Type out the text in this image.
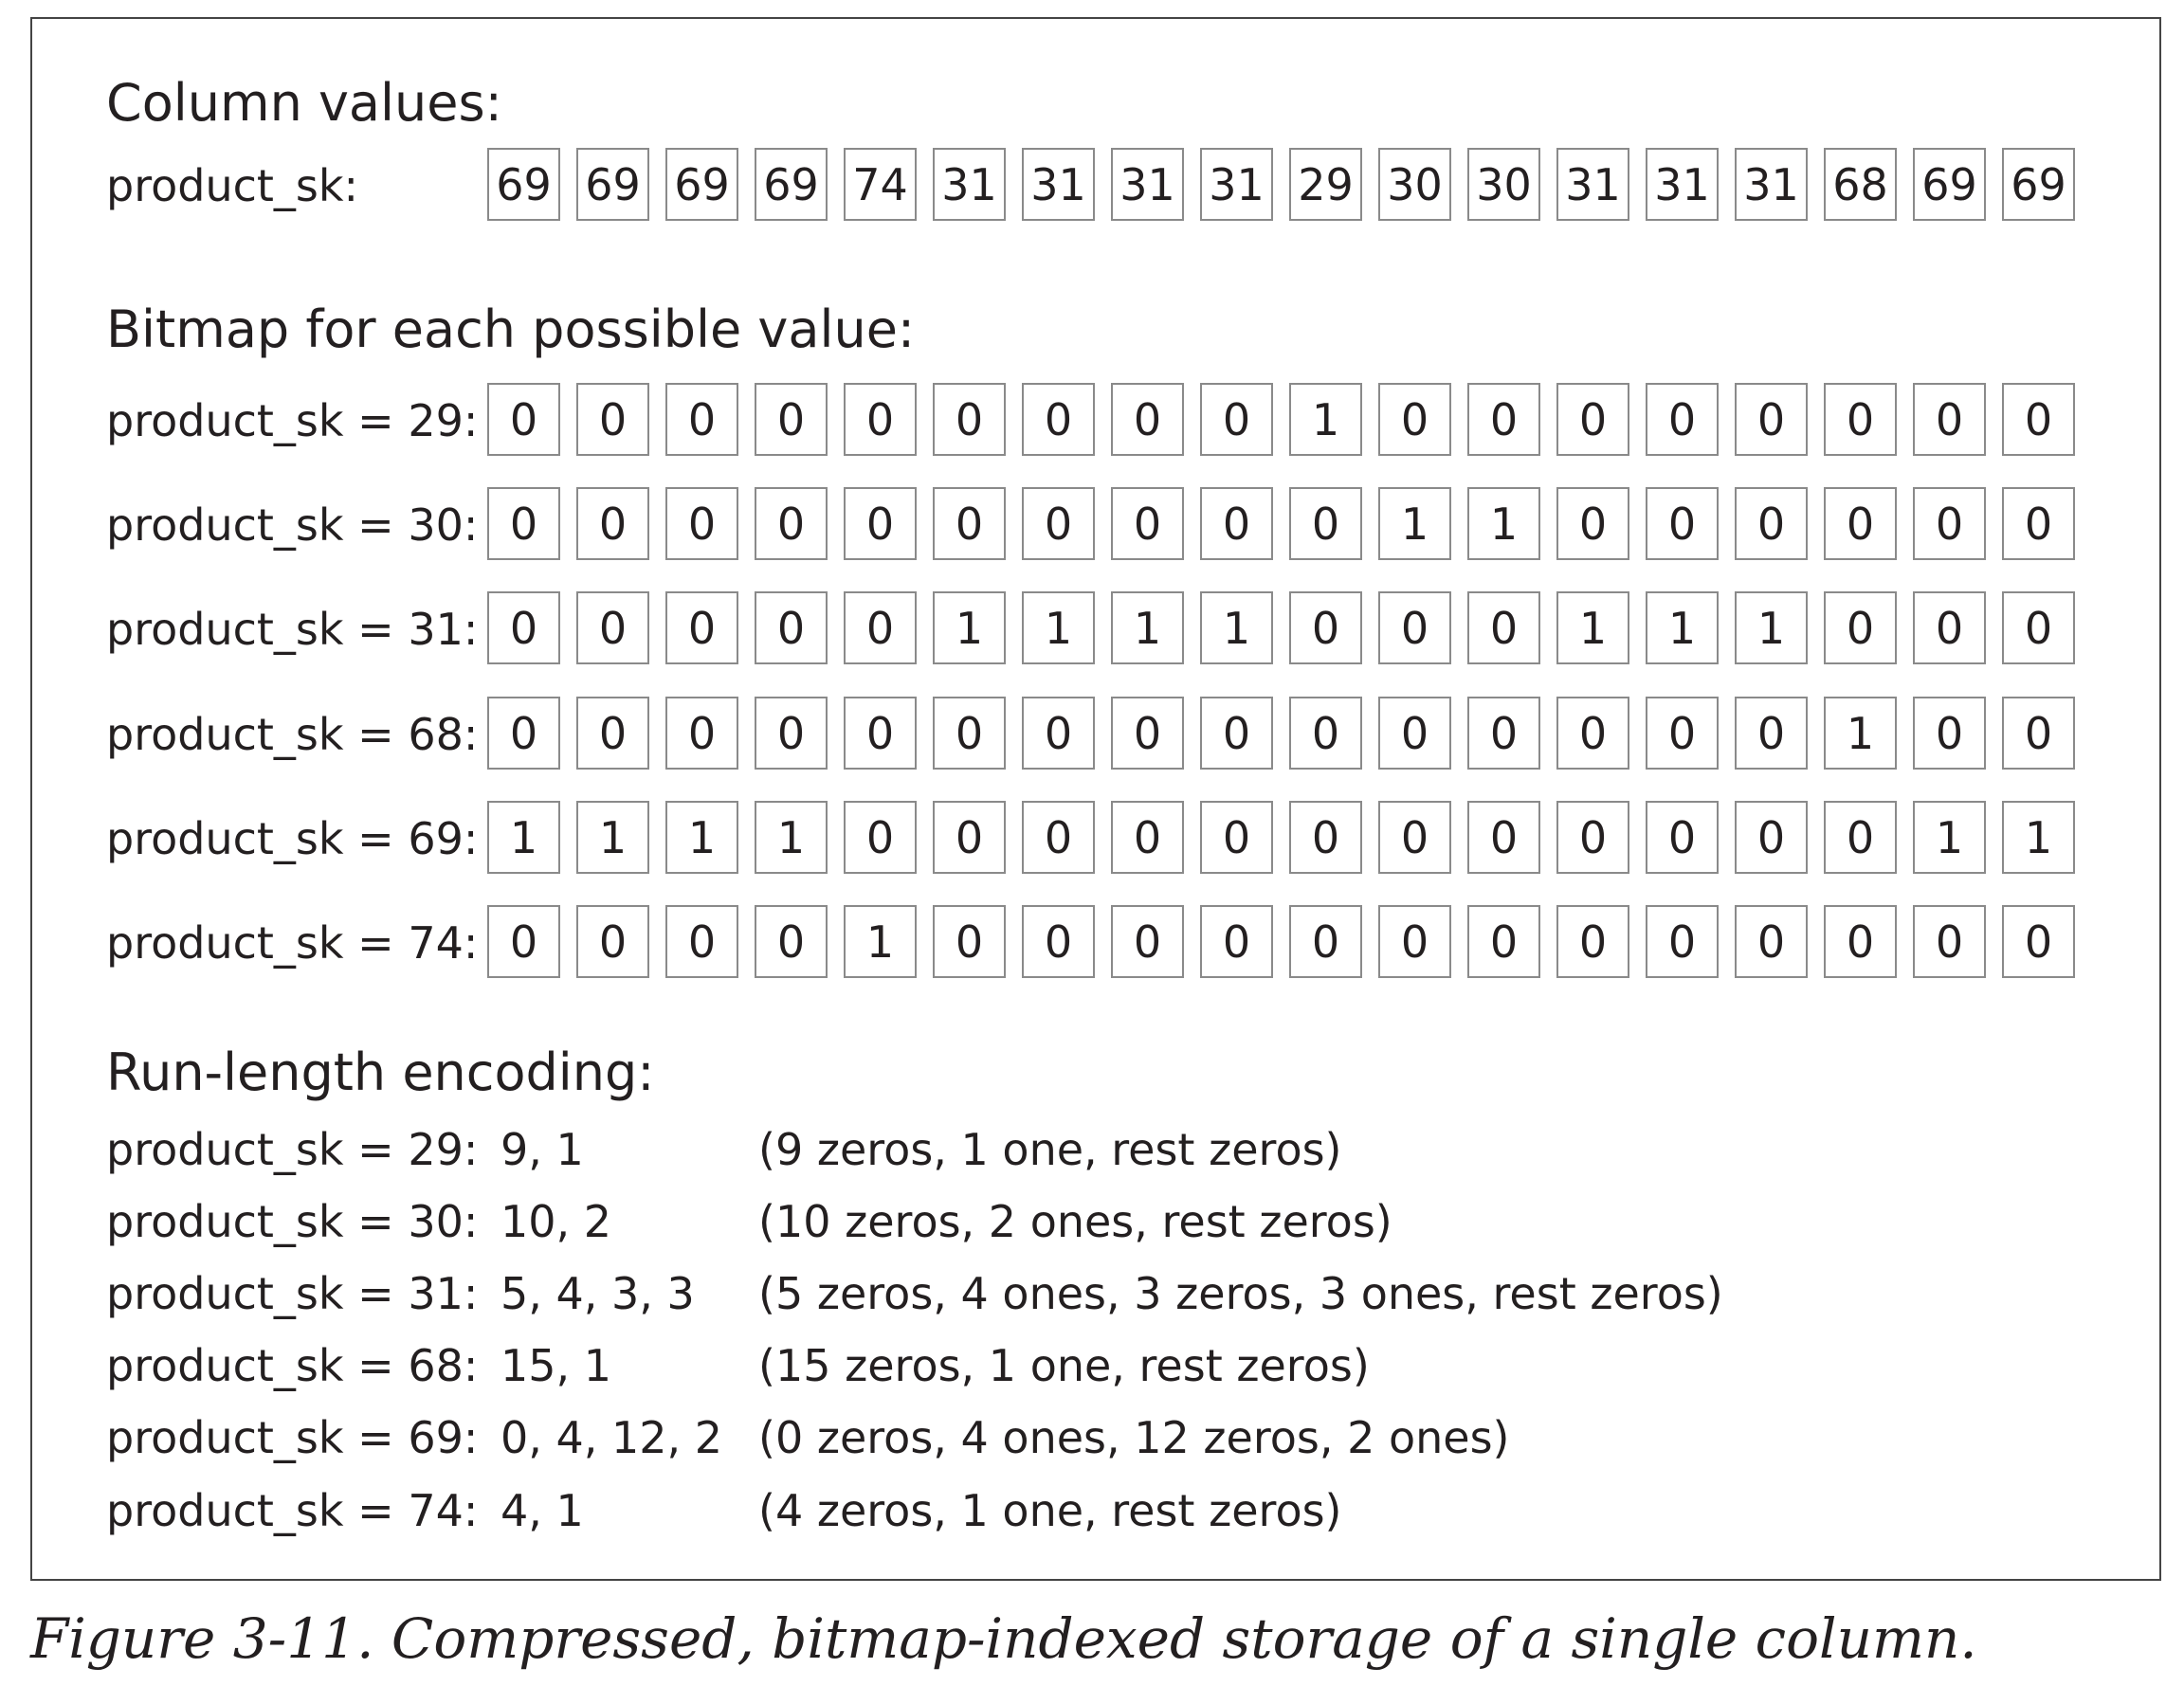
Column values:
product_sk:	69 69 69 69 74 31 31 31 31 29 30 30 31 31 31 68 69 69
Bitmap for each possible value:
product_sk = 29: 0	0	0	0	0	0	0	0	0	1	0	0	0	0	0	0	0	0
product_sk = 30: 0	0	0	0	0	0	0	0	0	0	1	1	0	0	0	0	0	0
product_sk = 31: 0	0	0	0	0	1	1	1	1	0	0	0	1	1	1	0	0	0
product_sk = 68: 0	0	0	0	0	0	0	0	0	0	0	0	0	0	0	1	0	0
product_sk = 69: 1	1	1	1	0	0	0	0	0	0	0	0	0	0	0	0	1	1
product_sk = 74: 0	0	0	0	1	0	0	0	0	0	0	0	0	0	0	0	0	0
Run-length encoding:
product_sk = 29: 9, 1	(9 zeros, 1 one, rest zeros)
product_sk = 30: 10, 2	(10 zeros, 2 ones, rest zeros)
product_sk = 31: 5, 4, 3, 3 (5 zeros, 4 ones, 3 zeros, 3 ones, rest zeros)
product_sk = 68: 15, 1	(15 zeros, 1 one, rest zeros)
product_sk = 69: 0, 4, 12, 2 (0 zeros, 4 ones, 12 zeros, 2 ones)
product_sk = 74: 4, 1	(4 zeros, 1 one, rest zeros)
Figure 3-11. Compressed, bitmap-indexed storage of a single column.
